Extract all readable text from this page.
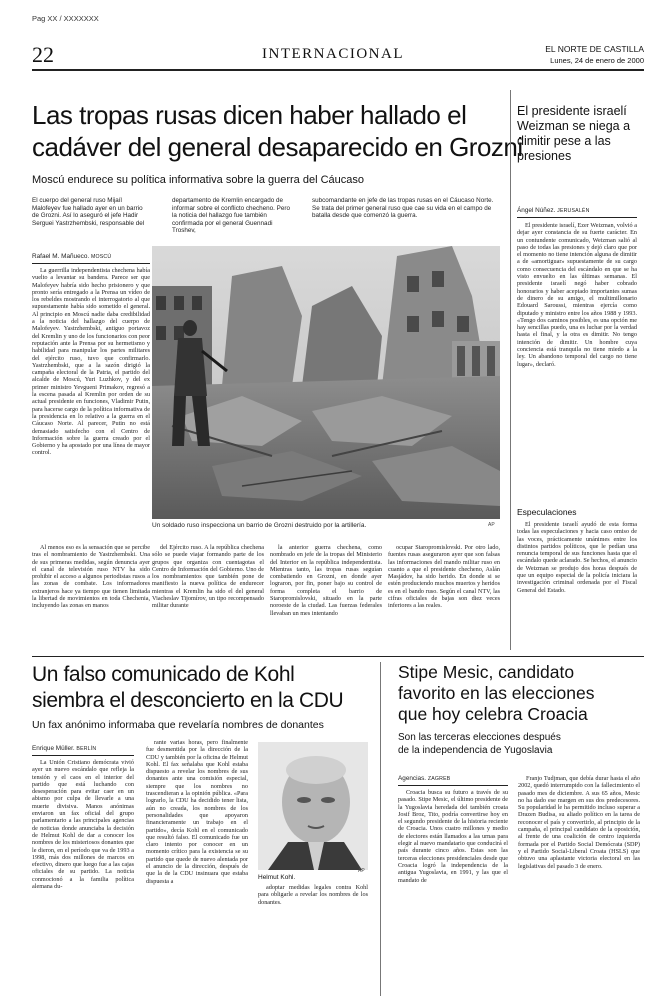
Pag XX / XXXXXXX
22	INTERNACIONAL	EL NORTE DE CASTILLA
Lunes, 24 de enero de 2000
Las tropas rusas dicen haber hallado el
cadáver del general desaparecido en Grozni
Moscú endurece su política informativa sobre la guerra del Cáucaso
El cuerpo del general ruso Mijaíl Malofeyev fue hallado ayer en un barrio de Grozni. Así lo aseguró el jefe Hadir Serguei Yastrzhembski, responsable del
departamento de Kremlin encargado de informar sobre el conflicto checheno. Pero la noticia del hallazgo fue también confirmada por el general Guennadi Troshev,
subcomandante en jefe de las tropas rusas en el Cáucaso Norte. Se trata del primer general ruso que cae su vida en el campo de batalla desde que comenzó la guerra.
Rafael M. Mañueco. MOSCÚ

La guerrilla independentista chechena había vuelto a levantar su bandera. Parece ser que Malofeyev habría sido hecho prisionero y que pronto sería entregado a la Prensa un vídeo de los rebeldes mostrando el interrogatorio al que supuestamente había sido sometido el general. Al principio en Moscú nadie daba credibilidad a la noticia del hallazgo del cuerpo de Malofeyev. Yastrzhembski, antiguo portavoz del Kremlin y uno de los funcionarios con peor reputación ante la Prensa por su hermetismo y habilidad para manipular los partes militares del ejército ruso, tuvo que confirmarlo. Yastrzhembski, que a la sazón dirigió la campaña electoral de la Patria, el partido del alcalde de Moscú, Yuri Luzhkov, y del ex primer ministro Yevgueni Primakov, regresó a la escena pasada al Kremlin por orden de su actual presidente en funciones, Vladimir Putin, para hacerse cargo de la política informativa de la presidencia en lo relativo a la guerra en el Cáucaso Norte. Al parecer, Putin no está demasiado satisfecho con el Centro de Información sobre la guerra creado por el Gobierno y ha apostado por una línea de mayor control.

Un soldado ruso inspecciona un barrio de Grozni destruido por la artillería.	AP

Al menos eso es la sensación que se percibe tras el nombramiento de Yastrzhembski. Una de sus primeras medidas, según denuncia ayer el canal de televisión ruso NTV ha sido prohibir el acceso a algunos periodistas rusos a las zonas de combate. Los informadores extranjeros hace ya tiempo que tienen limitada la libertad de movimientos en toda Chechenia, incluyendo las zonas en manos

del Ejército ruso. A la república chechena sólo se puede viajar formando parte de los grupos que organiza con cuentagotas el Centro de Información del Gobierno. Uno de los nombramientos que también pone de manifiesto la nueva política de endurecer mientras el Kremlin ha sido el del general Viacheslav Tijomírov, un tipo recompensado militar durante

la anterior guerra chechena, como nombrado en jefe de la tropas del Ministerio del Interior en la república independentista. Mientras tanto, las tropas rusas seguían combatiendo en Grozni, en donde ayer lograron, por fin, poner bajo su control de forma completa el barrio de Staropromislovski, situado en la parte noroeste de la ciudad. Las fuerzas federales llevaban un mes intentando

ocupar Staropromislovski. Por otro lado, fuentes rusas aseguraron ayer que son falsas las informaciones del mando militar ruso en cuanto a que el presidente checheno, Aslán Masjádov, ha sido herido. En donde si se estén produciendo muchos muertos y heridos es en el bando ruso. Según el canal NTV, las cifras oficiales de bajas son diez veces inferiores a las reales.

El presidente israelí Weizman se niega a dimitir pese a las presiones
Ángel Núñez. JERUSALÉN

El presidente israelí, Ezer Weizman, volvió a dejar ayer constancia de su fuerte carácter. En un contundente comunicado, Weizman salió al paso de todas las presiones y dejó claro que por el momento no tiene intención alguna de dimitir a de «amortiguar» supuestamente de su cargo como consecuencia del escándalo en que se ha visto envuelto en las últimas semanas. El presidente israelí negó haber cobrado honorarios y haber aceptado importantes sumas de dinero de su amigo, el multimillonario Edouard Saroussi, mientras ejercía como diputado y ministro entre los años 1988 y 1993. «Tengo dos caminos posibles, es una opción me hay sencillas puedo, una es luchar por la verdad hasta el final, y la otra es dimitir. No tengo intención de dimitir. Un hombre cuya conciencia está tranquila no tiene miedo a la ley. Un abandono temporal del cargo no tiene lugar», declaró.

Especulaciones

El presidente israelí ayudó de esta forma todas las especulaciones y hacia caso omiso de las voces, prácticamente unánimes entre los distintos partidos políticos, que le pedían una renuncia temporal de sus funciones hasta que el escándalo quede aclarado. Se hechos, el anuncio de Weizman se produjo dos horas después de que un equipo especial de la policía iniciara la investigación criminal ordenada por el Fiscal General del Estado.

Un falso comunicado de Kohl
siembra el desconcierto en la CDU
Un fax anónimo informaba que revelaría nombres de donantes
Enrique Müller. BERLÍN

La Unión Cristiano demócrata vivió ayer un nuevo escándalo que refleja la tensión y el caos en el interior del partido que está luchando con desesperación para evitar caer en un abismo por culpa de llevarle a una muerte divisiva. Manos anónimas enviaron un fax oficial del grupo parlamentario a las principales agencias de noticias donde anunciaba la decisión de Helmut Kohl de dar a conocer los nombres de los misteriosos donantes que le dieron, en el período que va de 1993 a 1998, más dos millones de marcos en efectivo, dinero que luego fue a las cajas oficiales de su partido. La noticia conmocionó a la familia política alemana du-

rante varias horas, pero finalmente fue desmentida por la dirección de la CDU y también por la oficina de Helmut Kohl. El fax señalaba que Kohl estaba dispuesto a revelar los nombres de sus donantes ante una comisión especial, siempre que los nombres no trascendieran a la opinión pública. «Para lograrlo, la CDU ha decidido tener lista, aún no creada, los nombres de los personalidades que apoyaron financieramente un trabajo en el partido», decía Kohl en el comunicado que resultó falso. El comunicado fue un claro intento por conocer en un momento crítico para la existencia se su partido que quede de nuevo alentada por el anuncio de la dirección, después de que la de la CDU insinuara que estaba dispuesta a

Helmut Kohl.
AP

adoptar medidas legales contra Kohl para obligarle a revelar los nombres de los donantes.

Stipe Mesic, candidato
favorito en las elecciones
que hoy celebra Croacia
Son las terceras elecciones después
de la independencia de Yugoslavia
Agencias. ZAGREB

Croacia busca su futuro a través de su pasado. Stipe Mesic, el último presidente de la Yugoslavia heredada del también croata Josif Broz, Tito, podría convertirse hoy en el segundo presidente de la historia reciente de Croacia. Unos cuatro millones y medio de electores están llamados a las urnas para elegir al nuevo mandatario que conducirá el país durante cinco años. Estas son las terceras elecciones presidenciales desde que Croacia logró la independencia de la antigua Yugoslavia, en 1991, y las que el mandato de

Franjo Tudjman, que debía durar hasta el año 2002, quedó interrumpido con la fallecimiento el pasado mes de diciembre. A sus 65 años, Mesic no ha dado ese margen en sus dos predecesores. Su popularidad le ha permitido incluso superar a Drazen Budisa, su aliado político en la tarea de reconocer el país y convertirlo, al principio de la campaña, el principal candidato de la oposición, al frente de una coalición de centro izquierda formada por el Partido Social Demócrata (SDP) y el Partido Social-Liberal Croata (HSLS) que obtuvo una aplastante victoria electoral en las legislativas del pasado 3 de enero.
